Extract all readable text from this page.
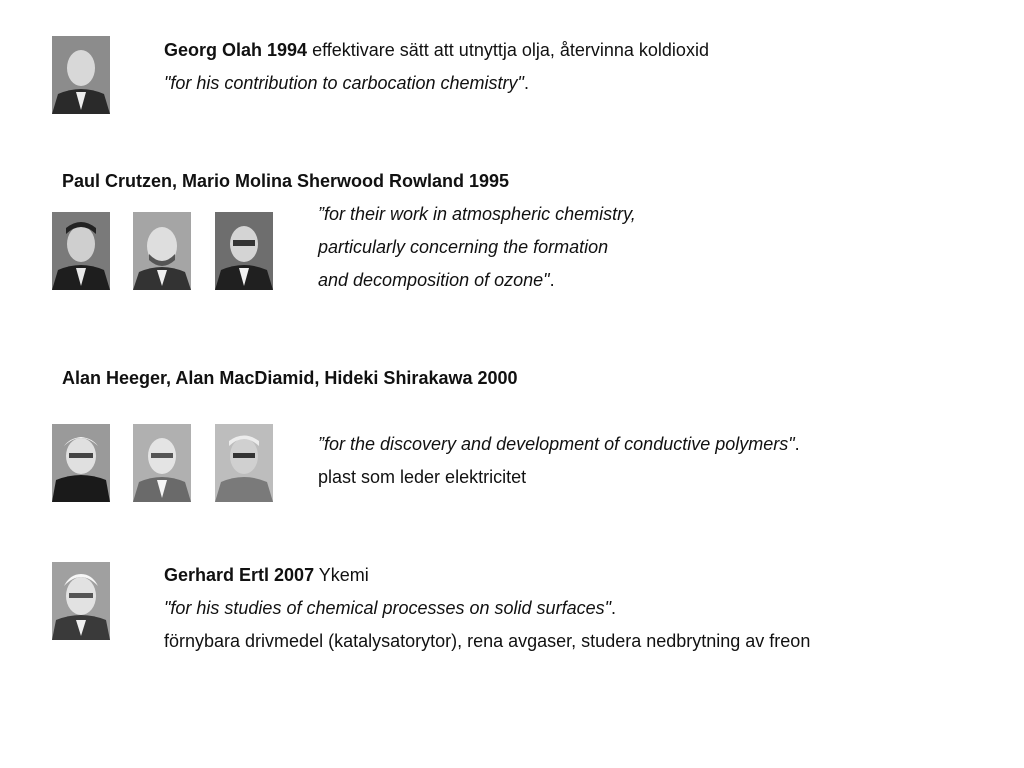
Georg Olah 1994 effektivare sätt att utnyttja olja, återvinna koldioxid
"for his contribution to carbocation chemistry".
Paul Crutzen, Mario Molina Sherwood Rowland 1995
”for their work in atmospheric chemistry,
particularly concerning the formation
and decomposition of ozone".
Alan Heeger, Alan MacDiamid, Hideki Shirakawa 2000
”for the discovery and development of conductive polymers".
plast som leder elektricitet
Gerhard Ertl 2007 Ykemi
"for his studies of chemical processes on solid surfaces".
förnybara drivmedel (katalysatorytor), rena avgaser, studera nedbrytning av freon
